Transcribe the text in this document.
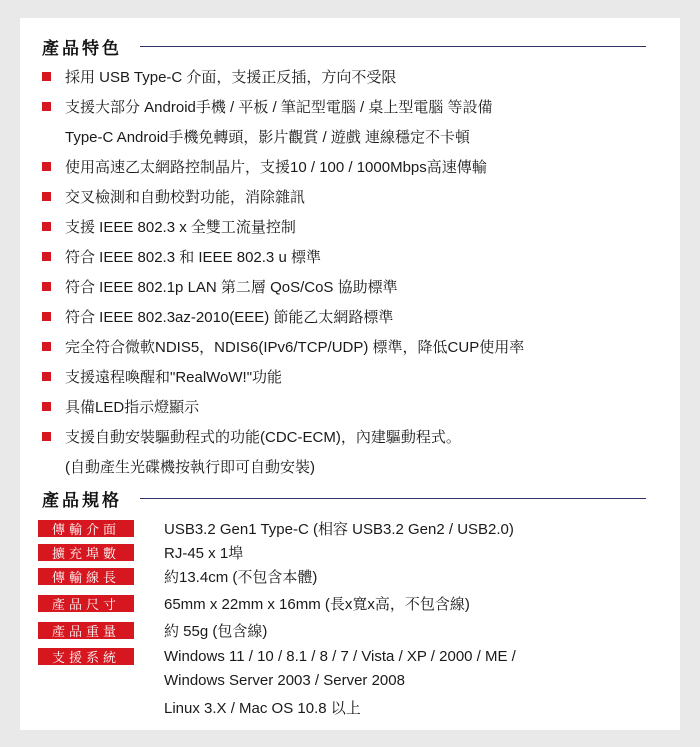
產品特色
採用 USB Type-C 介面，支援正反插，方向不受限
支援大部分 Android手機 / 平板 / 筆記型電腦 / 桌上型電腦 等設備
Type-C Android手機免轉頭，影片觀賞 / 遊戲 連線穩定不卡頓
使用高速乙太網路控制晶片，支援10 / 100 / 1000Mbps高速傳輸
交叉檢測和自動校對功能，消除雜訊
支援 IEEE 802.3 x 全雙工流量控制
符合 IEEE 802.3 和 IEEE 802.3 u 標準
符合 IEEE 802.1p LAN 第二層 QoS/CoS 協助標準
符合 IEEE 802.3az-2010(EEE) 節能乙太網路標準
完全符合微軟NDIS5，NDIS6(IPv6/TCP/UDP) 標準，降低CUP使用率
支援遠程喚醒和"RealWoW!"功能
具備LED指示燈顯示
支援自動安裝驅動程式的功能(CDC-ECM)，內建驅動程式。
(自動產生光碟機按執行即可自動安裝)
產品規格
傳輸介面	USB3.2 Gen1 Type-C (相容 USB3.2 Gen2 / USB2.0)
擴充埠數	RJ-45 x 1埠
傳輸線長	約13.4cm (不包含本體)
產品尺寸	65mm x 22mm x 16mm (長x寬x高，不包含線)
產品重量	約 55g (包含線)
支援系統	Windows 11 / 10 / 8.1 / 8 / 7 / Vista / XP / 2000 / ME /
Windows Server 2003 / Server 2008
Linux 3.X / Mac OS 10.8 以上
